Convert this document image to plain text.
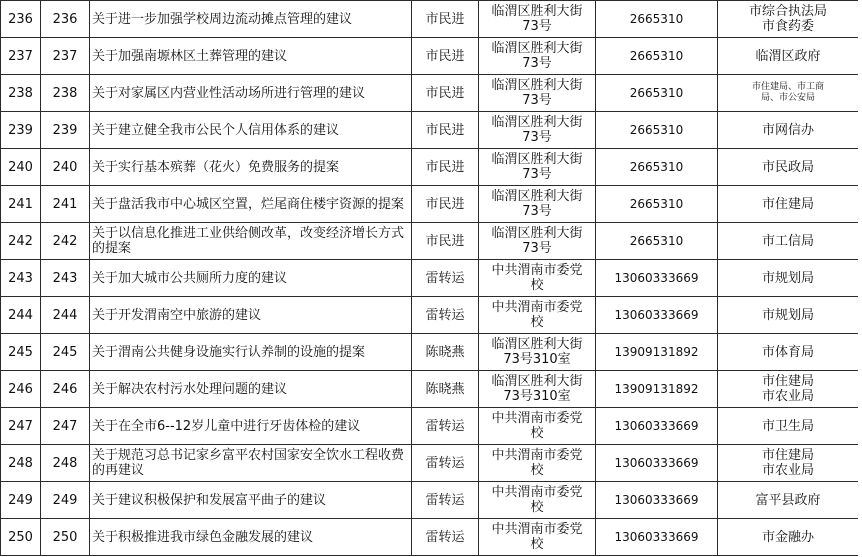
236	236	关于进一步加强学校周边流动摊点管理的建议	市民进	临渭区胜利大街
73号	2665310	市综合执法局
市食药委

237	237	关于加强南塬林区土葬管理的建议	市民进	临渭区胜利大街
73号	2665310	临渭区政府

238	238	关于对家属区内营业性活动场所进行管理的建议	市民进	临渭区胜利大街
73号	2665310	市住建局、市工商
局、市公安局

239	239	关于建立健全我市公民个人信用体系的建议	市民进	临渭区胜利大街
73号	2665310	市网信办

240	240	关于实行基本殡葬（花火）免费服务的提案	市民进	临渭区胜利大街
73号	2665310	市民政局

241	241	关于盘活我市中心城区空置，烂尾商住楼宇资源的提案	市民进	临渭区胜利大街
73号	2665310	市住建局

242	242	关于以信息化推进工业供给侧改革，改变经济增长方式的提案	市民进	临渭区胜利大街
73号	2665310	市工信局

243	243	关于加大城市公共厕所力度的建议	雷转运	中共渭南市委党
校	13060333669	市规划局

244	244	关于开发渭南空中旅游的建议	雷转运	中共渭南市委党
校	13060333669	市规划局

245	245	关于渭南公共健身设施实行认养制的设施的提案	陈晓燕	临渭区胜利大街
73号310室	13909131892	市体育局

246	246	关于解决农村污水处理问题的建议	陈晓燕	临渭区胜利大街
73号310室	13909131892	市住建局
市农业局

247	247	关于在全市6--12岁儿童中进行牙齿体检的建议	雷转运	中共渭南市委党
校	13060333669	市卫生局

248	248	关于规范习总书记家乡富平农村国家安全饮水工程收费的再建议	雷转运	中共渭南市委党
校	13060333669	市住建局
市农业局

249	249	关于建议积极保护和发展富平曲子的建议	雷转运	中共渭南市委党
校	13060333669	富平县政府

250	250	关于积极推进我市绿色金融发展的建议	雷转运	中共渭南市委党
校	13060333669	市金融办
